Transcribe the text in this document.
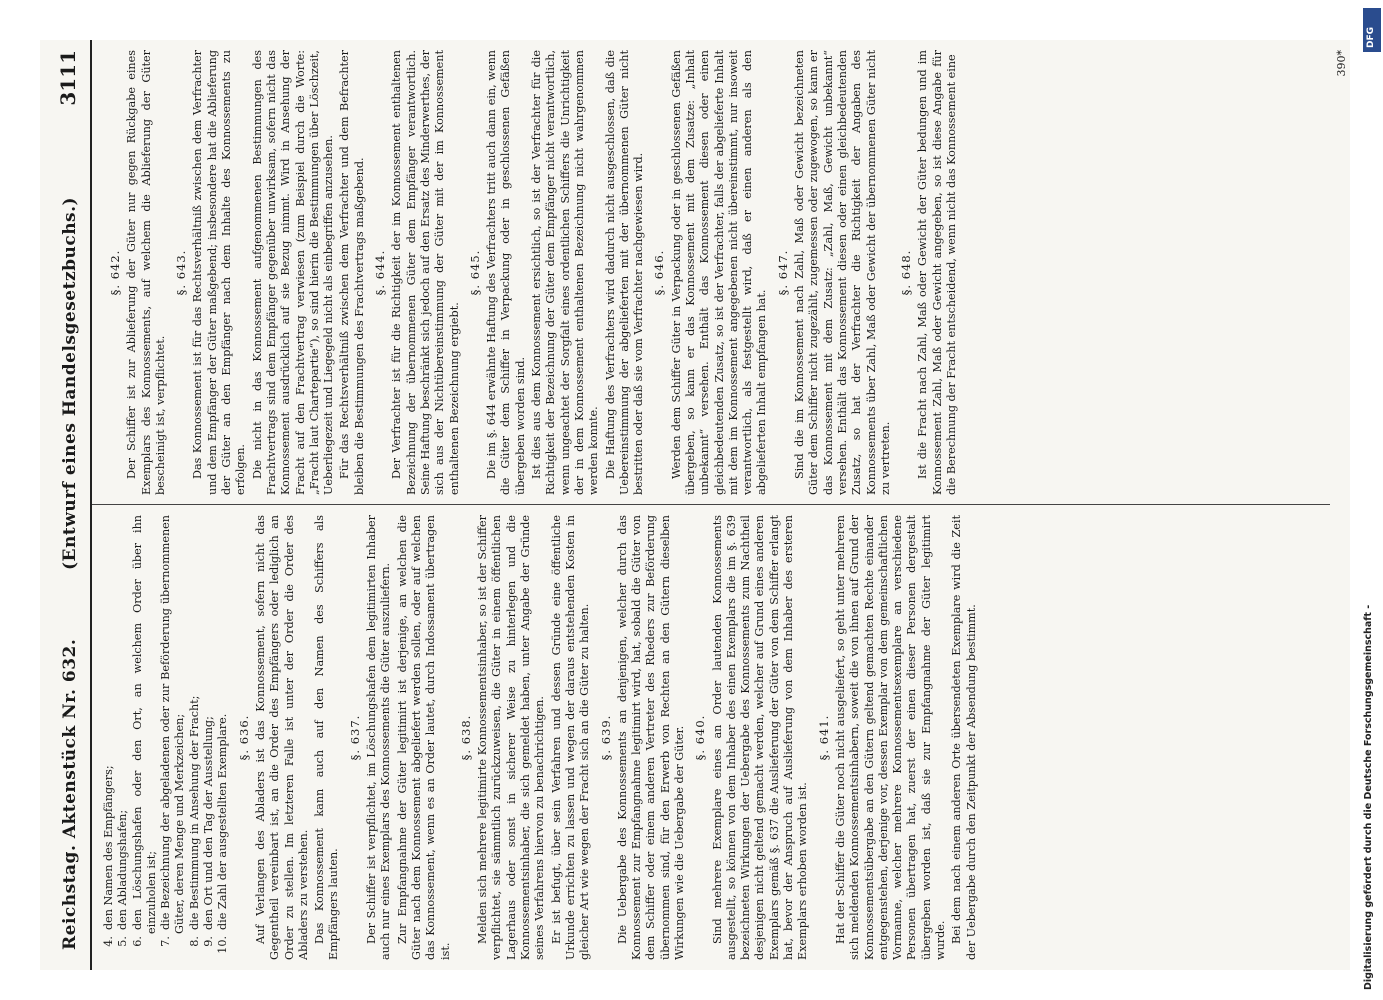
Reichstag. Aktenstück Nr. 632.
(Entwurf eines Handelsgesetzbuchs.)
3111
4.den Namen des Empfängers;
5.den Abladungshafen;
6.den Löschungshafen oder den Ort, an welchem Order über ihn einzuholen ist;
7.die Bezeichnung der abgeladenen oder zur Beförderung übernommenen Güter, deren Menge und Merkzeichen;
8.die Bestimmung in Ansehung der Fracht;
9.den Ort und den Tag der Ausstellung;
10.die Zahl der ausgestellten Exemplare. §. 636. Auf Verlangen des Abladers ist das Konnossement, sofern nicht das Gegentheil vereinbart ist, an die Order des Empfängers oder lediglich an Order zu stellen. Im letzteren Falle ist unter der Order die Order des Abladers zu verstehen. Das Konnossement kann auch auf den Namen des Schiffers als Empfängers lauten.

§. 637. Der Schiffer ist verpflichtet, im Löschungshafen dem legitimirten Inhaber auch nur eines Exemplars des Konnossements die Güter auszuliefern. Zur Empfangnahme der Güter legitimirt ist derjenige, an welchen die Güter nach dem Konnossement abgeliefert werden sollen, oder auf welchen das Konnossement, wenn es an Order lautet, durch Indossament übertragen ist.

§. 638. Melden sich mehrere legitimirte Konnossementsinhaber, so ist der Schiffer verpflichtet, sie sämmtlich zurückzuweisen, die Güter in einem öffentlichen Lagerhaus oder sonst in sicherer Weise zu hinterlegen und die Konnossementsinhaber, die sich gemeldet haben, unter Angabe der Gründe seines Verfahrens hiervon zu benachrichtigen. Er ist befugt, über sein Verfahren und dessen Gründe eine öffentliche Urkunde errichten zu lassen und wegen der daraus entstehenden Kosten in gleicher Art wie wegen der Fracht sich an die Güter zu halten. §. 639. Die Uebergabe des Konnossements an denjenigen, welcher durch das Konnossement zur Empfangnahme legitimirt wird, hat, sobald die Güter von dem Schiffer oder einem anderen Vertreter des Rheders zur Beförderung übernommen sind, für den Erwerb von Rechten an den Gütern dieselben Wirkungen wie die Uebergabe der Güter. §. 640. Sind mehrere Exemplare eines an Order lautenden Konnossements ausgestellt, so können von dem Inhaber des einen Exemplars die im §. 639 bezeichneten Wirkungen der Uebergabe des Konnossements zum Nachtheil desjenigen nicht geltend gemacht werden, welcher auf Grund eines anderen Exemplars gemäß §. 637 die Auslieferung der Güter von dem Schiffer erlangt hat, bevor der Anspruch auf Auslieferung von dem Inhaber des ersteren Exemplars erhoben worden ist.

§. 641. Hat der Schiffer die Güter noch nicht ausgeliefert, so geht unter mehreren sich meldenden Konnossementsinhabern, soweit die von ihnen auf Grund der Konnossementsübergabe an den Gütern geltend gemachten Rechte einander entgegenstehen, derjenige vor, dessen Exemplar von dem gemeinschaftlichen Vormanne, welcher mehrere Konnossementsexemplare an verschiedene Personen übertragen hat, zuerst der einen dieser Personen dergestalt übergeben worden ist, daß sie zur Empfangnahme der Güter legitimirt wurde. Bei dem nach einem anderen Orte übersendeten Exemplare wird die Zeit der Uebergabe durch den Zeitpunkt der Absendung bestimmt.

§. 642. Der Schiffer ist zur Ablieferung der Güter nur gegen Rückgabe eines Exemplars des Konnossements, auf welchem die Ablieferung der Güter bescheinigt ist, verpflichtet.

§. 643. Das Konnossement ist für das Rechtsverhältniß zwischen dem Verfrachter und dem Empfänger der Güter maßgebend; insbesondere hat die Ablieferung der Güter an den Empfänger nach dem Inhalte des Konnossements zu erfolgen. Die nicht in das Konnossement aufgenommenen Bestimmungen des Frachtvertrags sind dem Empfänger gegenüber unwirksam, sofern nicht das Konnossement ausdrücklich auf sie Bezug nimmt. Wird in Ansehung der Fracht auf den Frachtvertrag verwiesen (zum Beispiel durch die Worte: „Fracht laut Chartepartie“), so sind hierin die Bestimmungen über Löschzeit, Ueberliegezeit und Liegegeld nicht als einbegriffen anzusehen. Für das Rechtsverhältniß zwischen dem Verfrachter und dem Befrachter bleiben die Bestimmungen des Frachtvertrags maßgebend. §. 644. Der Verfrachter ist für die Richtigkeit der im Konnossement enthaltenen Bezeichnung der übernommenen Güter dem Empfänger verantwortlich. Seine Haftung beschränkt sich jedoch auf den Ersatz des Minderwerthes, der sich aus der Nichtübereinstimmung der Güter mit der im Konnossement enthaltenen Bezeichnung ergiebt.

§. 645. Die im §. 644 erwähnte Haftung des Verfrachters tritt auch dann ein, wenn die Güter dem Schiffer in Verpackung oder in geschlossenen Gefäßen übergeben worden sind. Ist dies aus dem Konnossement ersichtlich, so ist der Verfrachter für die Richtigkeit der Bezeichnung der Güter dem Empfänger nicht verantwortlich, wenn ungeachtet der Sorgfalt eines ordentlichen Schiffers die Unrichtigkeit der in dem Konnossement enthaltenen Bezeichnung nicht wahrgenommen werden konnte. Die Haftung des Verfrachters wird dadurch nicht ausgeschlossen, daß die Uebereinstimmung der abgelieferten mit der übernommenen Güter nicht bestritten oder daß sie vom Verfrachter nachgewiesen wird. §. 646. Werden dem Schiffer Güter in Verpackung oder in geschlossenen Gefäßen übergeben, so kann er das Konnossement mit dem Zusatze: „Inhalt unbekannt“ versehen. Enthält das Konnossement diesen oder einen gleichbedeutenden Zusatz, so ist der Verfrachter, falls der abgelieferte Inhalt mit dem im Konnossement angegebenen nicht übereinstimmt, nur insoweit verantwortlich, als festgestellt wird, daß er einen anderen als den abgelieferten Inhalt empfangen hat.

§. 647. Sind die im Konnossement nach Zahl, Maß oder Gewicht bezeichneten Güter dem Schiffer nicht zugezählt, zugemessen oder zugewogen, so kann er das Konnossement mit dem Zusatz: „Zahl, Maß, Gewicht unbekannt“ versehen. Enthält das Konnossement diesen oder einen gleichbedeutenden Zusatz, so hat der Verfrachter die Richtigkeit der Angaben des Konnossements über Zahl, Maß oder Gewicht der übernommenen Güter nicht zu vertreten.

§. 648. Ist die Fracht nach Zahl, Maß oder Gewicht der Güter bedungen und im Konnossement Zahl, Maß oder Gewicht angegeben, so ist diese Angabe für die Berechnung der Fracht entscheidend, wenn nicht das Konnossement eine	390*
Digitalisierung gefördert durch die Deutsche Forschungsgemeinschaft -
DFG
